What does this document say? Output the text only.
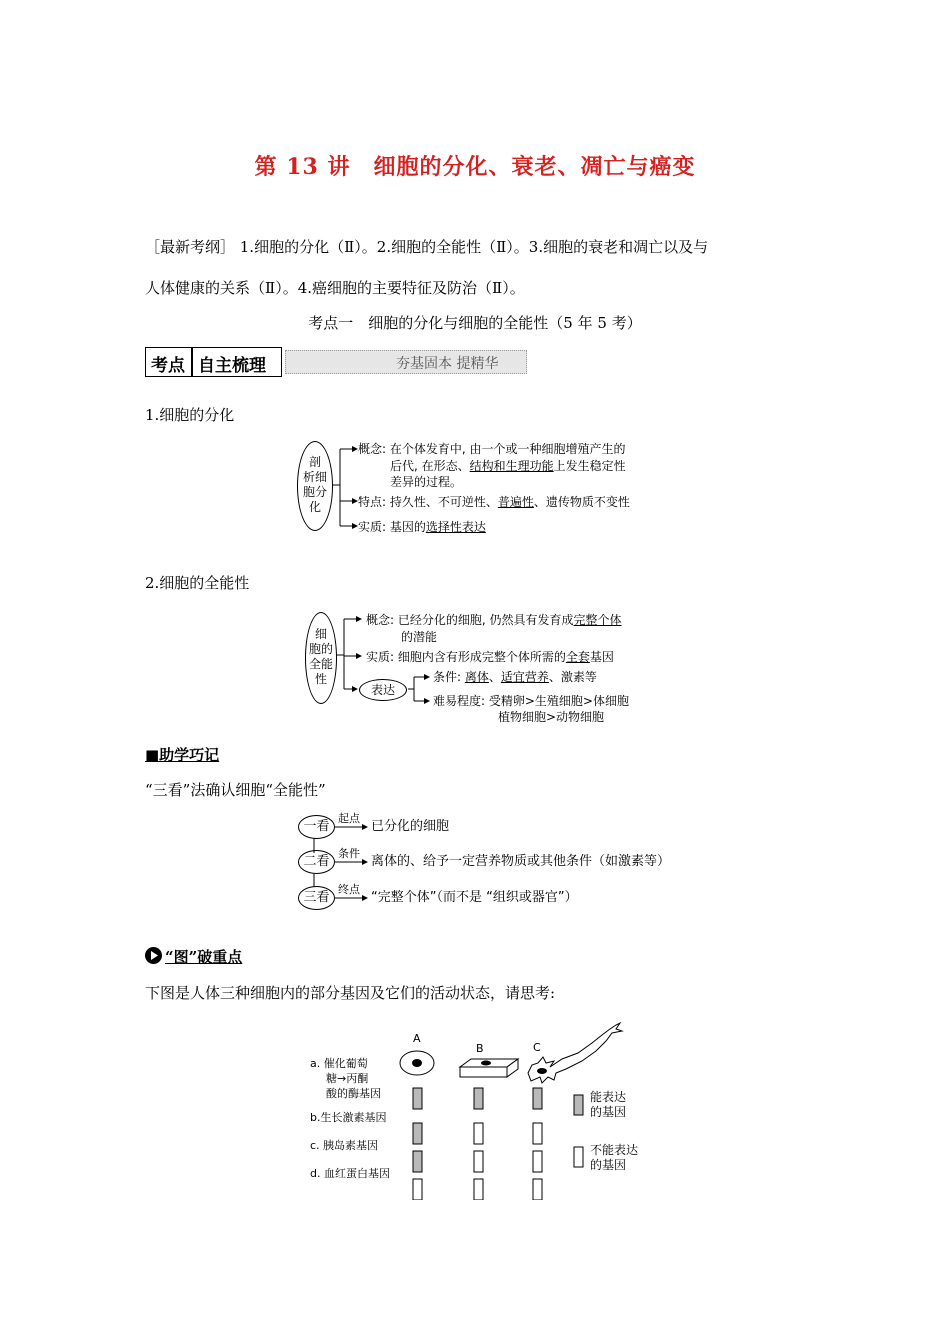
第 13 讲　细胞的分化、衰老、凋亡与癌变
［最新考纲］ 1.细胞的分化（Ⅱ）。2.细胞的全能性（Ⅱ）。3.细胞的衰老和凋亡以及与
人体健康的关系（Ⅱ）。4.癌细胞的主要特征及防治（Ⅱ）。
考点一　细胞的分化与细胞的全能性（5 年 5 考）
考点 自主梳理	夯基固本 提精华
1.细胞的分化
剖
析细
胞分
化
概念: 在个体发育中, 由一个或一种细胞增殖产生的
后代, 在形态、结构和生理功能上发生稳定性
差异的过程。
特点: 持久性、不可逆性、普遍性、遗传物质不变性
实质: 基因的选择性表达
2.细胞的全能性
细
胞的
全能
性
概念: 已经分化的细胞, 仍然具有发育成完整个体
的潜能
实质: 细胞内含有形成完整个体所需的全套基因
表达
条件: 离体、适宜营养、激素等
难易程度: 受精卵>生殖细胞>体细胞
植物细胞>动物细胞
■助学巧记
“三看”法确认细胞“全能性”
一看
二看
三看
起点
条件
终点
已分化的细胞
离体的、给予一定营养物质或其他条件（如激素等）
“完整个体”（而不是 “组织或器官”）
“图”破重点
下图是人体三种细胞内的部分基因及它们的活动状态，请思考:
A
B	C
a. 催化葡萄
糖→丙酮
酸的酶基因
b.生长激素基因
c. 胰岛素基因
d. 血红蛋白基因
能表达
的基因
不能表达
的基因
